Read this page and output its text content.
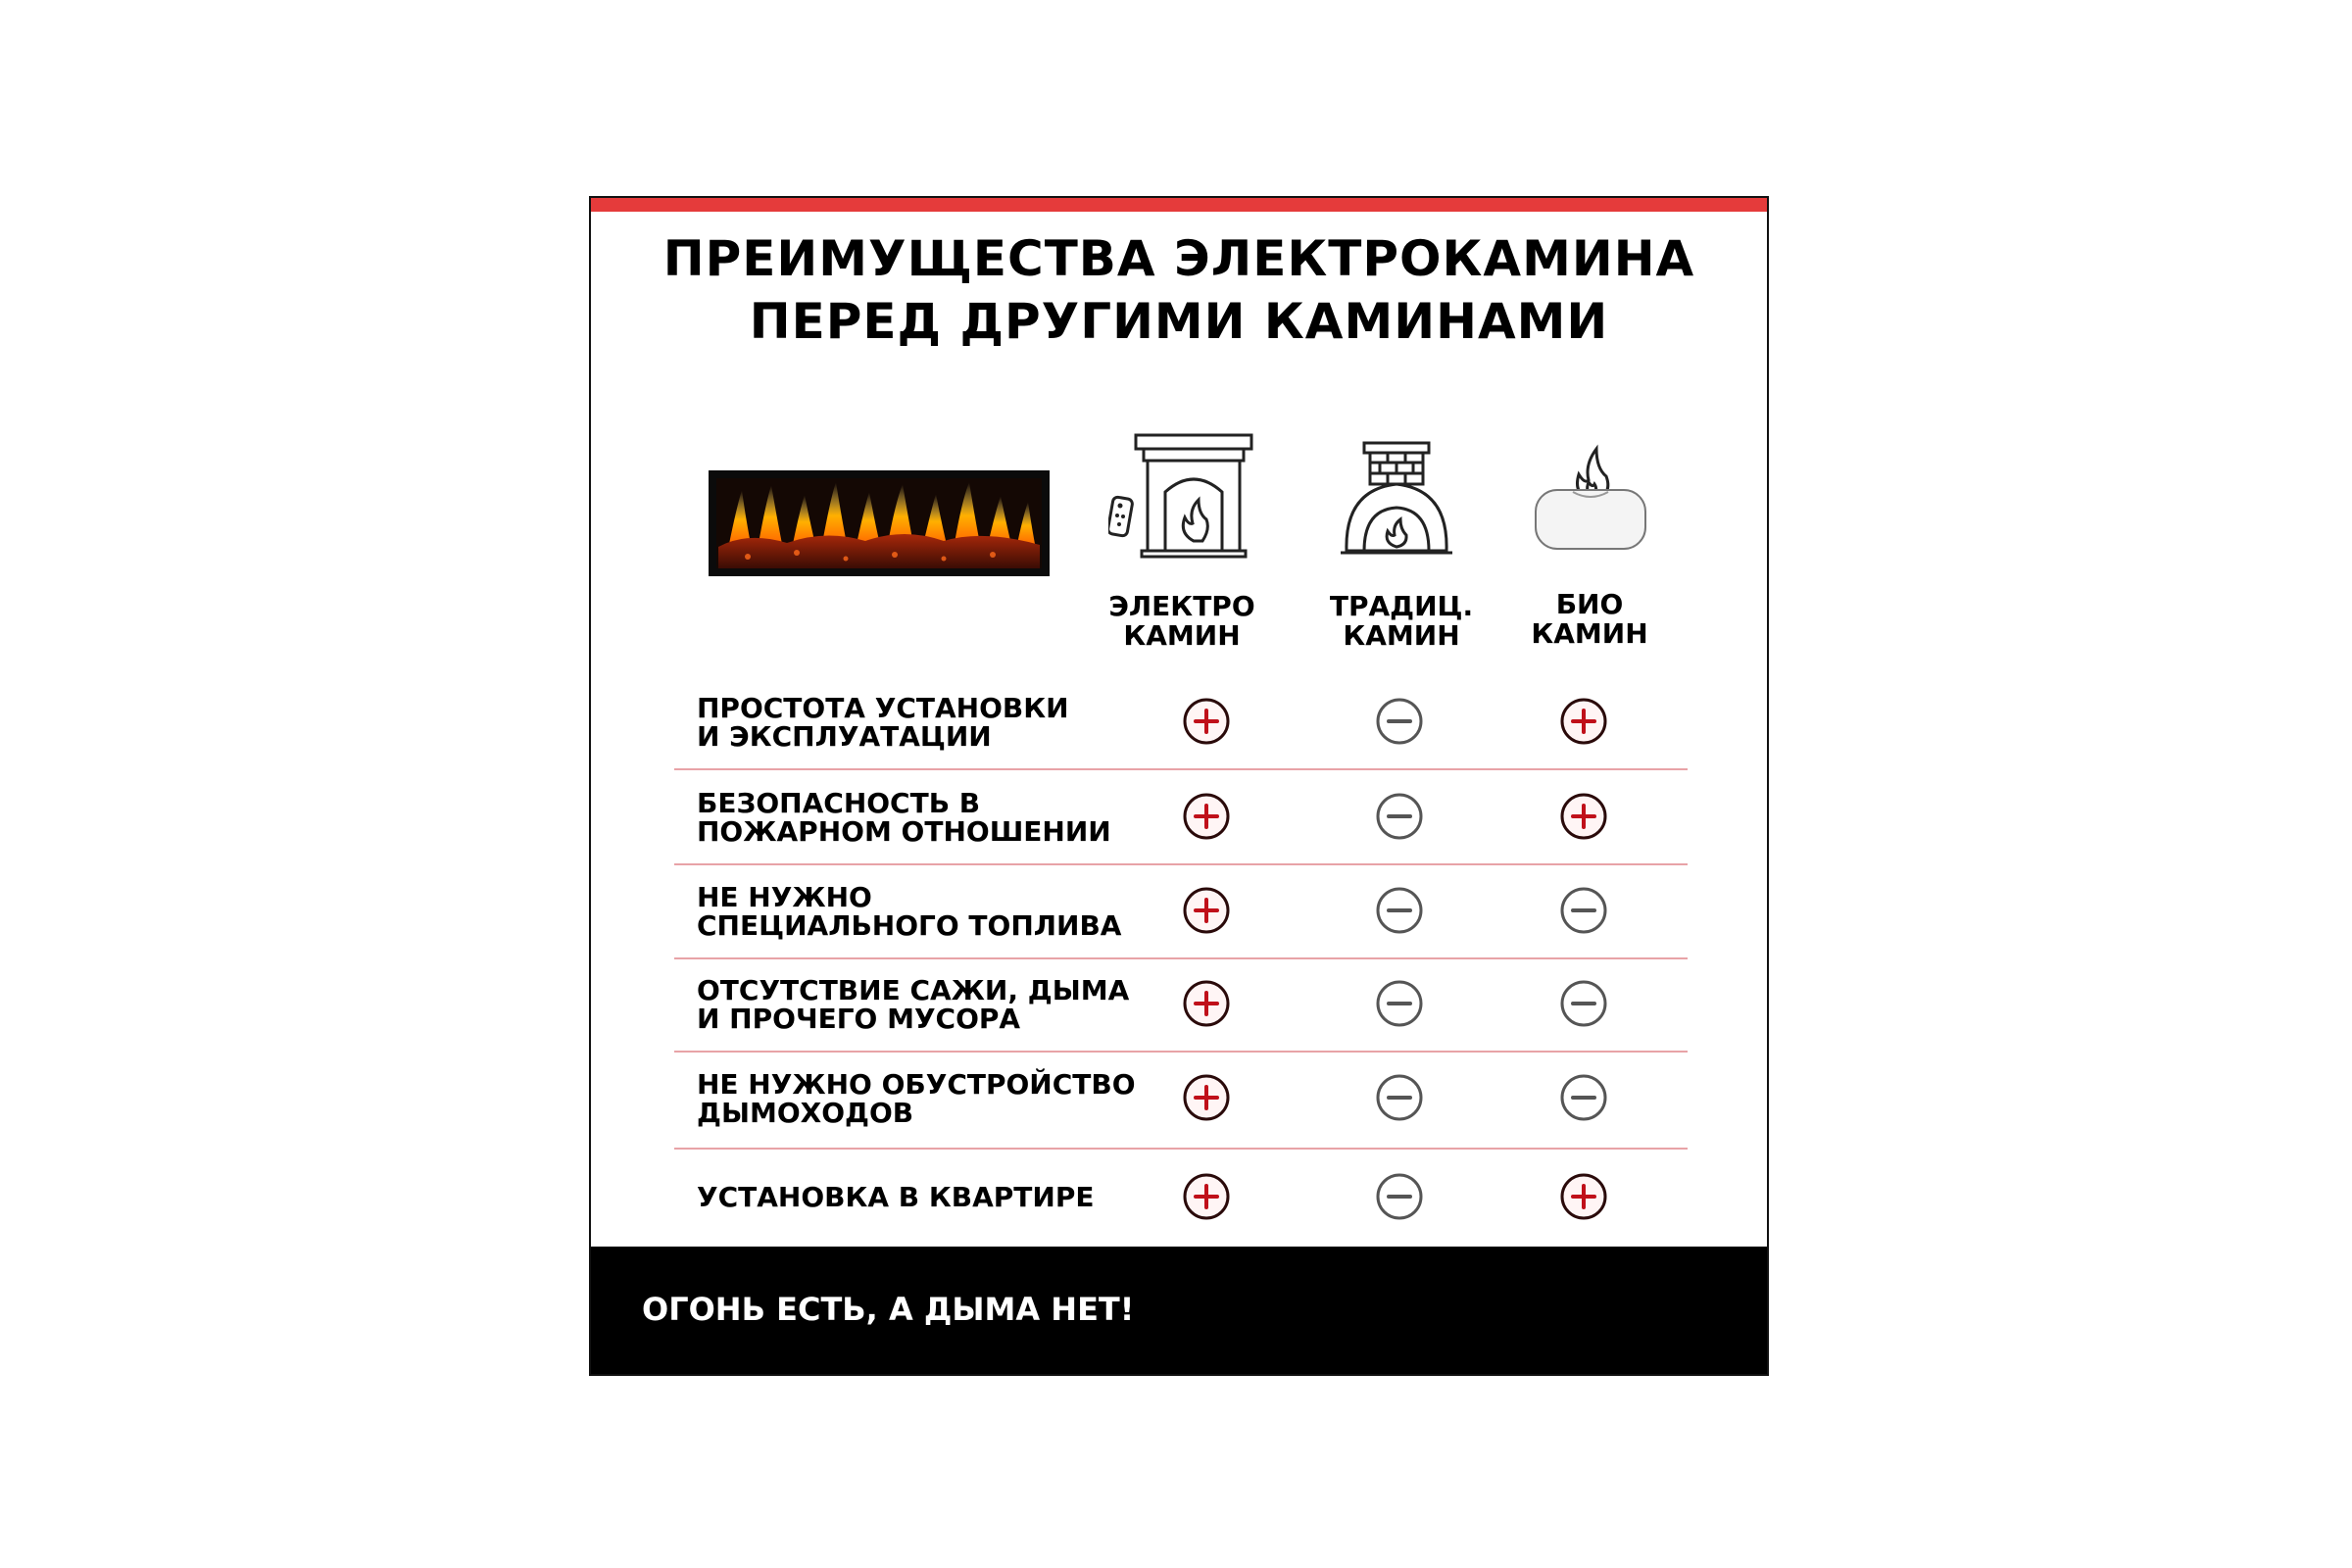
ПРЕИМУЩЕСТВА ЭЛЕКТРОКАМИНА
ПЕРЕД ДРУГИМИ КАМИНАМИ
ЭЛЕКТРО
КАМИН
ТРАДИЦ.
КАМИН
БИО
КАМИН
ПРОСТОТА УСТАНОВКИ
И ЭКСПЛУАТАЦИИ
БЕЗОПАСНОСТЬ В
ПОЖАРНОМ ОТНОШЕНИИ
НЕ НУЖНО
СПЕЦИАЛЬНОГО ТОПЛИВА
ОТСУТСТВИЕ САЖИ, ДЫМА
И ПРОЧЕГО МУСОРА
НЕ НУЖНО ОБУСТРОЙСТВО
ДЫМОХОДОВ
УСТАНОВКА В КВАРТИРЕ
ОГОНЬ ЕСТЬ, А ДЫМА НЕТ!
